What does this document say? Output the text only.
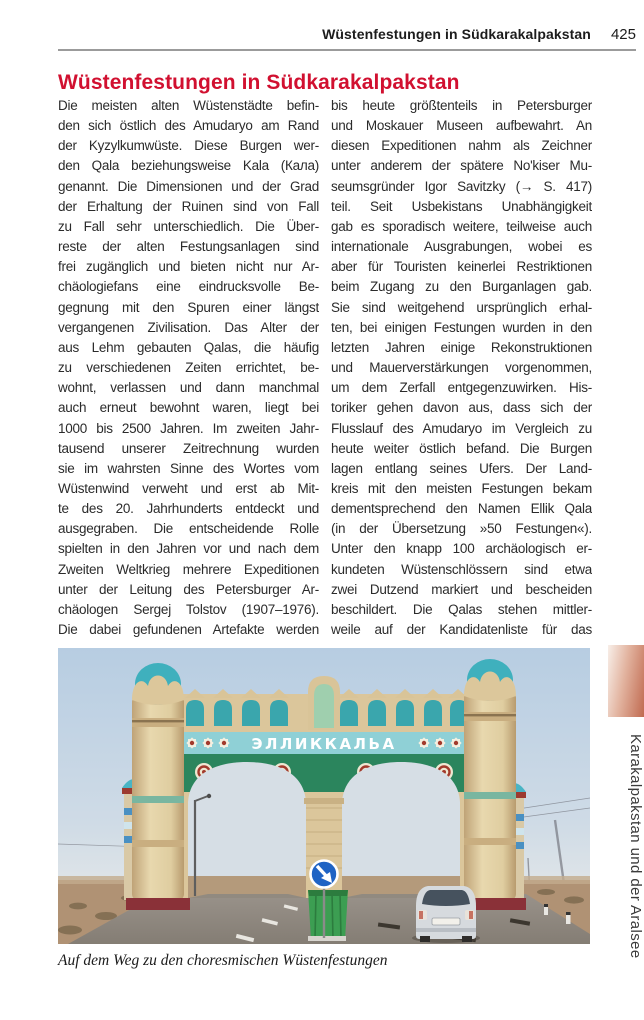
Wüstenfestungen in Südkarakalpakstan 425
Wüstenfestungen in Südkarakalpakstan
Die meisten alten Wüstenstädte befin-
den sich östlich des Amudaryo am Rand
der Kyzylkumwüste. Diese Burgen wer-
den Qala beziehungsweise Kala (Кала)
genannt. Die Dimensionen und der Grad
der Erhaltung der Ruinen sind von Fall
zu Fall sehr unterschiedlich. Die Über-
reste der alten Festungsanlagen sind
frei zugänglich und bieten nicht nur Ar-
chäologiefans eine eindrucksvolle Be-
gegnung mit den Spuren einer längst
vergangenen Zivilisation. Das Alter der
aus Lehm gebauten Qalas, die häufig
zu verschiedenen Zeiten errichtet, be-
wohnt, verlassen und dann manchmal
auch erneut bewohnt waren, liegt bei
1000 bis 2500 Jahren. Im zweiten Jahr-
tausend unserer Zeitrechnung wurden
sie im wahrsten Sinne des Wortes vom
Wüstenwind verweht und erst ab Mit-
te des 20. Jahrhunderts entdeckt und
ausgegraben. Die entscheidende Rolle
spielten in den Jahren vor und nach dem
Zweiten Weltkrieg mehrere Expeditionen
unter der Leitung des Petersburger Ar-
chäologen Sergej Tolstov (1907–1976).
Die dabei gefundenen Artefakte werden
bis heute größtenteils in Petersburger
und Moskauer Museen aufbewahrt. An
diesen Expeditionen nahm als Zeichner
unter anderem der spätere No'kiser Mu-
seumsgründer Igor Savitzky (→ S. 417)
teil. Seit Usbekistans Unabhängigkeit
gab es sporadisch weitere, teilweise auch
internationale Ausgrabungen, wobei es
aber für Touristen keinerlei Restriktionen
beim Zugang zu den Burganlagen gab.
Sie sind weitgehend ursprünglich erhal-
ten, bei einigen Festungen wurden in den
letzten Jahren einige Rekonstruktionen
und Mauerverstärkungen vorgenommen,
um dem Zerfall entgegenzuwirken. His-
toriker gehen davon aus, dass sich der
Flusslauf des Amudaryo im Vergleich zu
heute weiter östlich befand. Die Burgen
lagen entlang seines Ufers. Der Land-
kreis mit den meisten Festungen bekam
dementsprechend den Namen Ellik Qala
(in der Übersetzung »50 Festungen«).
Unter den knapp 100 archäologisch er-
kundeten Wüstenschlössern sind etwa
zwei Dutzend markiert und bescheiden
beschildert. Die Qalas stehen mittler-
weile auf der Kandidatenliste für das
ЭЛЛИККАЛЬА
Auf dem Weg zu den choresmischen Wüstenfestungen
Karakalpakstan und der Aralsee
